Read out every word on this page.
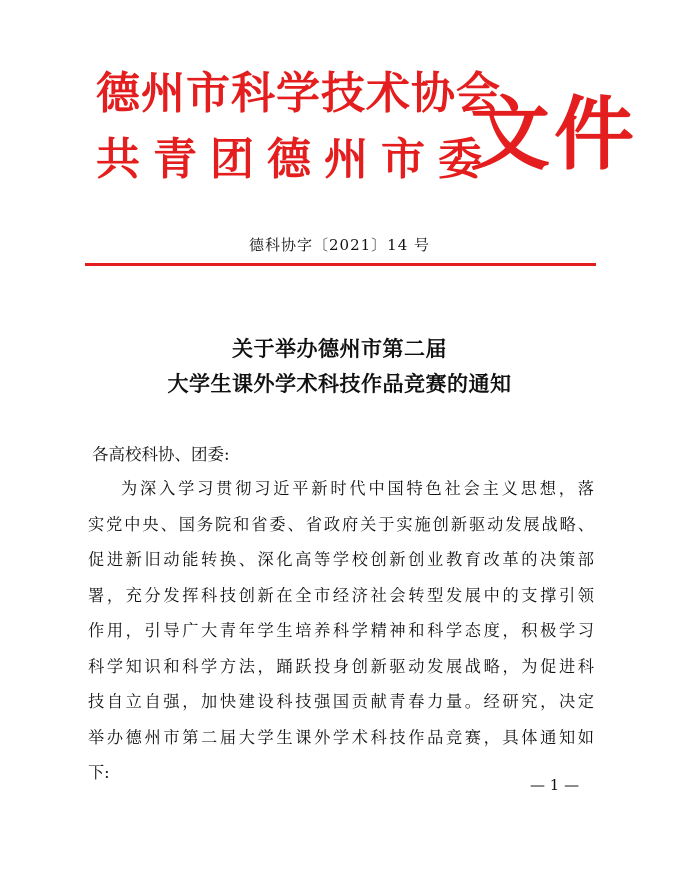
德州市科学技术协会
共青团德州市委
文件
德科协字〔2021〕14 号
关于举办德州市第二届
大学生课外学术科技作品竞赛的通知
各高校科协、团委:
为深入学习贯彻习近平新时代中国特色社会主义思想，落
实党中央、国务院和省委、省政府关于实施创新驱动发展战略、
促进新旧动能转换、深化高等学校创新创业教育改革的决策部
署，充分发挥科技创新在全市经济社会转型发展中的支撑引领
作用，引导广大青年学生培养科学精神和科学态度，积极学习
科学知识和科学方法，踊跃投身创新驱动发展战略，为促进科
技自立自强，加快建设科技强国贡献青春力量。经研究，决定
举办德州市第二届大学生课外学术科技作品竞赛，具体通知如
下:
— 1 —
